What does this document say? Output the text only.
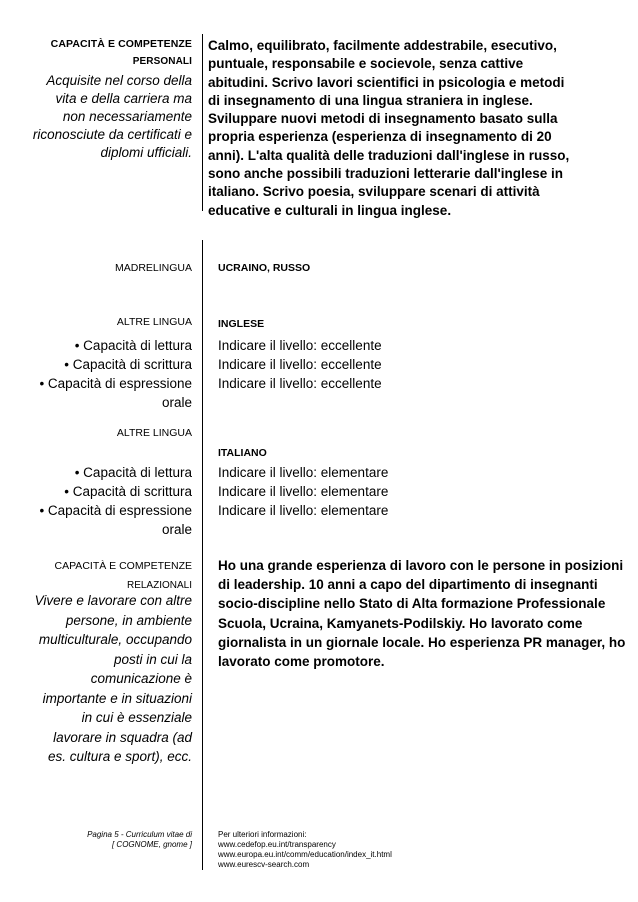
CAPACITÀ E COMPETENZE
PERSONALI
Acquisite nel corso della
vita e della carriera ma
non necessariamente
riconosciute da certificati e
diplomi ufficiali.
Calmo, equilibrato, facilmente addestrabile, esecutivo,
puntuale, responsabile e socievole, senza cattive
abitudini. Scrivo lavori scientifici in psicologia e metodi
di insegnamento di una lingua straniera in inglese.
Sviluppare nuovi metodi di insegnamento basato sulla
propria esperienza (esperienza di insegnamento di 20
anni). L'alta qualità delle traduzioni dall'inglese in russo,
sono anche possibili traduzioni letterarie dall'inglese in
italiano. Scrivo poesia, sviluppare scenari di attività
educative e culturali in lingua inglese.
MADRELINGUA UCRAINO, RUSSO
ALTRE LINGUA INGLESE
• Capacità di lettura
• Capacità di scrittura
• Capacità di espressione
orale
Indicare il livello: eccellente
Indicare il livello: eccellente
Indicare il livello: eccellente
ALTRE LINGUA
ITALIANO
• Capacità di lettura
• Capacità di scrittura
• Capacità di espressione
orale
Indicare il livello: elementare
Indicare il livello: elementare
Indicare il livello: elementare
CAPACITÀ E COMPETENZE
RELAZIONALI
Vivere e lavorare con altre
persone, in ambiente
multiculturale, occupando
posti in cui la
comunicazione è
importante e in situazioni
in cui è essenziale
lavorare in squadra (ad
es. cultura e sport), ecc.
Ho una grande esperienza di lavoro con le persone in posizioni
di leadership. 10 anni a capo del dipartimento di insegnanti
socio-discipline nello Stato di Alta formazione Professionale
Scuola, Ucraina, Kamyanets-Podilskiy. Ho lavorato come
giornalista in un giornale locale. Ho esperienza PR manager, ho
lavorato come promotore.
Pagina 5 - Curriculum vitae di
[ COGNOME, gnome ]
Per ulteriori informazioni:
www.cedefop.eu.int/transparency
www.europa.eu.int/comm/education/index_it.html
www.eurescv-search.com
